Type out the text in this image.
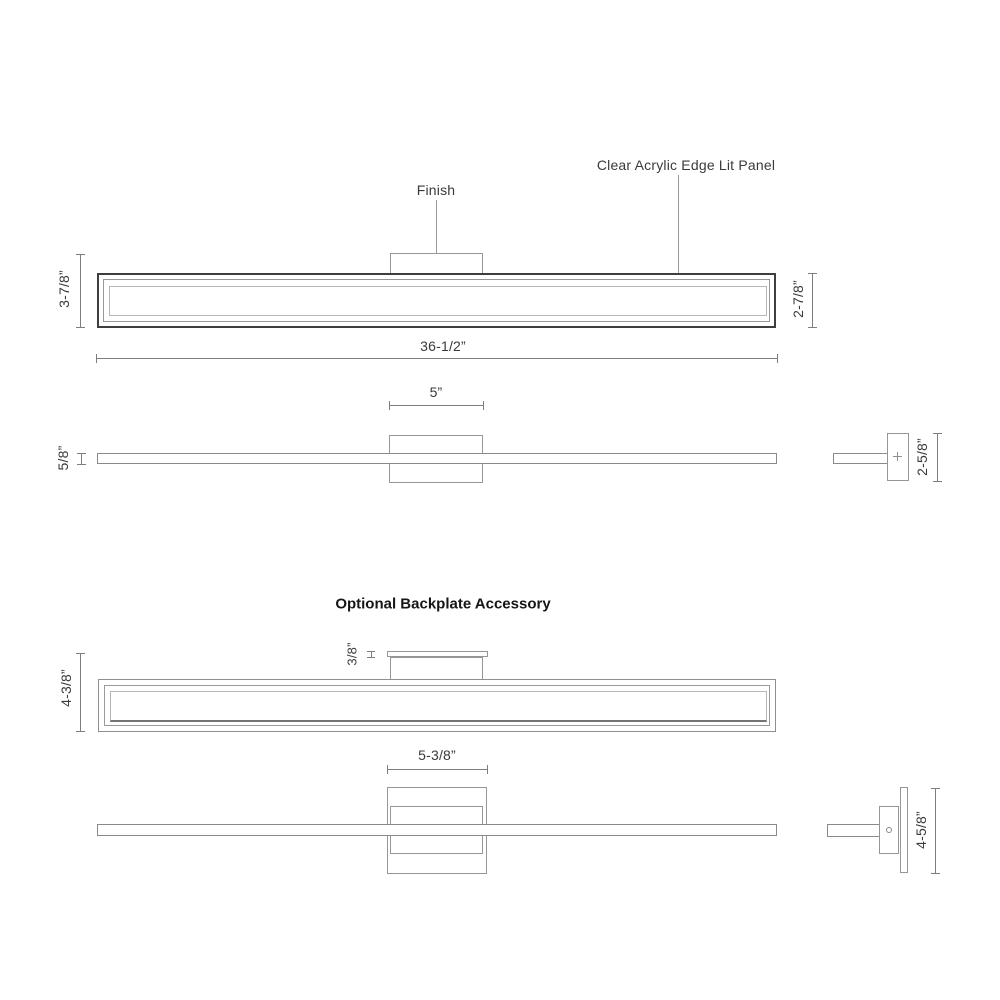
Finish
Clear Acrylic Edge Lit Panel
3-7/8”	2-7/8”
36-1/2”
5”
5/8”	2-5/8”
Optional Backplate Accessory
3/8”
4-3/8”
5-3/8”
4-5/8”
